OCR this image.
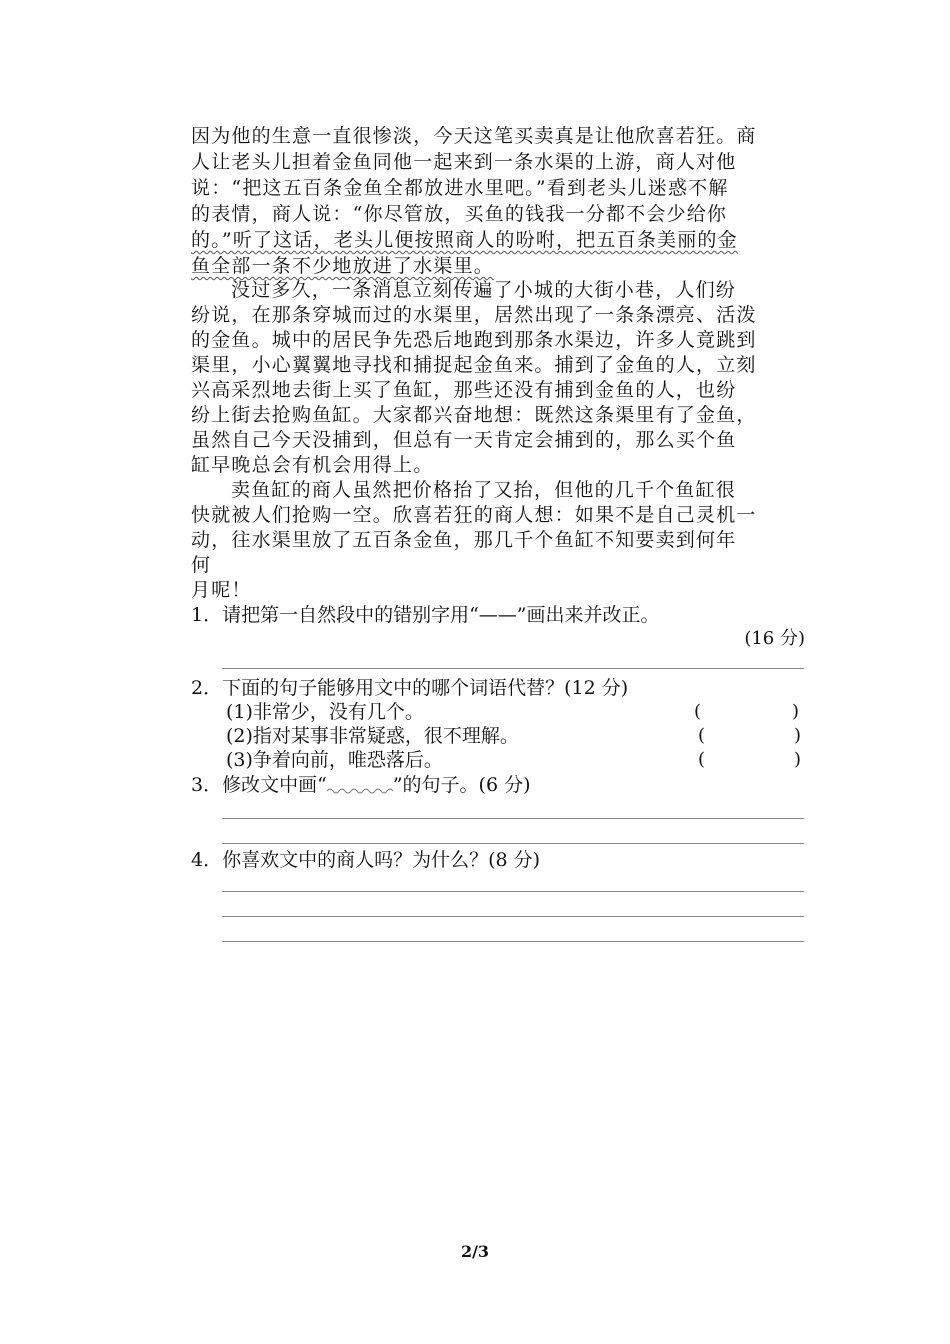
因为他的生意一直很惨淡，今天这笔买卖真是让他欣喜若狂。商
人让老头儿担着金鱼同他一起来到一条水渠的上游，商人对他
说：“把这五百条金鱼全都放进水里吧。”看到老头儿迷惑不解
的表情，商人说：“你尽管放，买鱼的钱我一分都不会少给你
的。”听了这话，老头儿便按照商人的吩咐，把五百条美丽的金
鱼全部一条不少地放进了水渠里。
没过多久，一条消息立刻传遍了小城的大街小巷，人们纷
纷说，在那条穿城而过的水渠里，居然出现了一条条漂亮、活泼
的金鱼。城中的居民争先恐后地跑到那条水渠边，许多人竟跳到
渠里，小心翼翼地寻找和捕捉起金鱼来。捕到了金鱼的人，立刻
兴高采烈地去街上买了鱼缸，那些还没有捕到金鱼的人，也纷
纷上街去抢购鱼缸。大家都兴奋地想：既然这条渠里有了金鱼，
虽然自己今天没捕到，但总有一天肯定会捕到的，那么买个鱼
缸早晚总会有机会用得上。
卖鱼缸的商人虽然把价格抬了又抬，但他的几千个鱼缸很
快就被人们抢购一空。欣喜若狂的商人想：如果不是自己灵机一
动，往水渠里放了五百条金鱼，那几千个鱼缸不知要卖到何年
何
月呢！
1．请把第一自然段中的错别字用“——”画出来并改正。
(16 分)
2．下面的句子能够用文中的哪个词语代替？(12 分)
(1)非常少，没有几个。	(	)
(2)指对某事非常疑惑，很不理解。	(	)
(3)争着向前，唯恐落后。	(	)
3．修改文中画“	”的句子。(6 分)
4．你喜欢文中的商人吗？为什么？(8 分)
2/3
